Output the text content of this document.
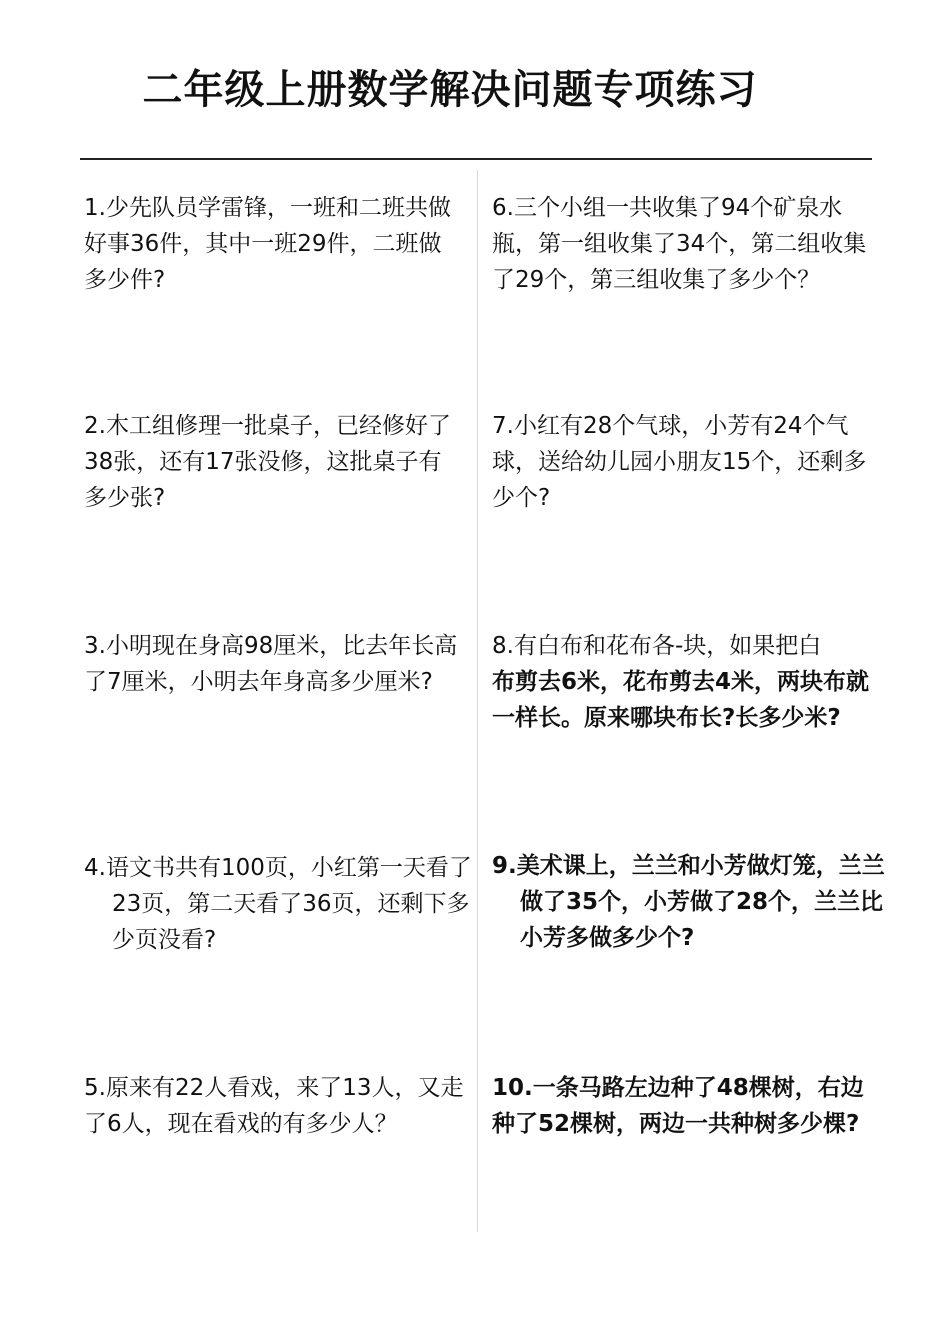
二年级上册数学解决问题专项练习

1.少先队员学雷锋，一班和二班共做好事36件，其中一班29件，二班做多少件?

2.木工组修理一批桌子，已经修好了38张，还有17张没修，这批桌子有多少张?

3.小明现在身高98厘米，比去年长高了7厘米，小明去年身高多少厘米?

4.语文书共有100页，小红第一天看了23页，第二天看了36页，还剩下多少页没看?

5.原来有22人看戏，来了13人，又走了6人，现在看戏的有多少人？

6.三个小组一共收集了94个矿泉水瓶，第一组收集了34个，第二组收集了29个，第三组收集了多少个？

7.小红有28个气球，小芳有24个气球，送给幼儿园小朋友15个，还剩多少个?

8.有白布和花布各-块，如果把白
布剪去6米，花布剪去4米，两块布就一样长。原来哪块布长?长多少米?

9.美术课上，兰兰和小芳做灯笼，兰兰做了35个，小芳做了28个，兰兰比小芳多做多少个?

10.一条马路左边种了48棵树，右边种了52棵树，两边一共种树多少棵?
